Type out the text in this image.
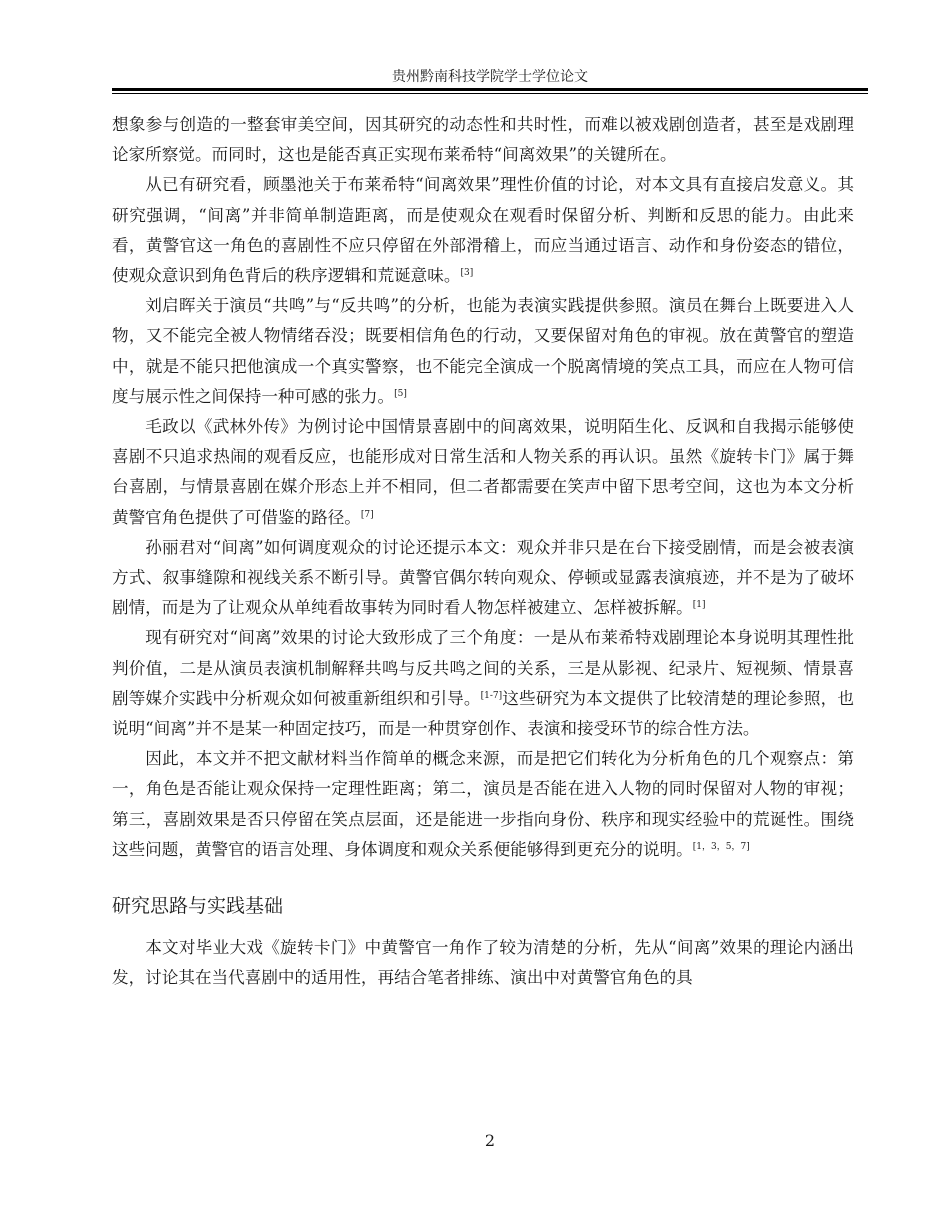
贵州黔南科技学院学士学位论文

想象参与创造的一整套审美空间，因其研究的动态性和共时性，而难以被戏剧创造者，甚至是戏剧理论家所察觉。而同时，这也是能否真正实现布莱希特“间离效果”的关键所在。

从已有研究看，顾墨池关于布莱希特“间离效果”理性价值的讨论，对本文具有直接启发意义。其研究强调，“间离”并非简单制造距离，而是使观众在观看时保留分析、判断和反思的能力。由此来看，黄警官这一角色的喜剧性不应只停留在外部滑稽上，而应当通过语言、动作和身份姿态的错位，使观众意识到角色背后的秩序逻辑和荒诞意味。[3]

刘启晖关于演员“共鸣”与“反共鸣”的分析，也能为表演实践提供参照。演员在舞台上既要进入人物，又不能完全被人物情绪吞没；既要相信角色的行动，又要保留对角色的审视。放在黄警官的塑造中，就是不能只把他演成一个真实警察，也不能完全演成一个脱离情境的笑点工具，而应在人物可信度与展示性之间保持一种可感的张力。[5]

毛政以《武林外传》为例讨论中国情景喜剧中的间离效果，说明陌生化、反讽和自我揭示能够使喜剧不只追求热闹的观看反应，也能形成对日常生活和人物关系的再认识。虽然《旋转卡门》属于舞台喜剧，与情景喜剧在媒介形态上并不相同，但二者都需要在笑声中留下思考空间，这也为本文分析黄警官角色提供了可借鉴的路径。[7]

孙丽君对“间离”如何调度观众的讨论还提示本文：观众并非只是在台下接受剧情，而是会被表演方式、叙事缝隙和视线关系不断引导。黄警官偶尔转向观众、停顿或显露表演痕迹，并不是为了破坏剧情，而是为了让观众从单纯看故事转为同时看人物怎样被建立、怎样被拆解。[1]

现有研究对“间离”效果的讨论大致形成了三个角度：一是从布莱希特戏剧理论本身说明其理性批判价值，二是从演员表演机制解释共鸣与反共鸣之间的关系，三是从影视、纪录片、短视频、情景喜剧等媒介实践中分析观众如何被重新组织和引导。[1-7]这些研究为本文提供了比较清楚的理论参照，也说明“间离”并不是某一种固定技巧，而是一种贯穿创作、表演和接受环节的综合性方法。

因此，本文并不把文献材料当作简单的概念来源，而是把它们转化为分析角色的几个观察点：第一，角色是否能让观众保持一定理性距离；第二，演员是否能在进入人物的同时保留对人物的审视；第三，喜剧效果是否只停留在笑点层面，还是能进一步指向身份、秩序和现实经验中的荒诞性。围绕这些问题，黄警官的语言处理、身体调度和观众关系便能够得到更充分的说明。[1，3，5，7]

研究思路与实践基础

本文对毕业大戏《旋转卡门》中黄警官一角作了较为清楚的分析，先从“间离”效果的理论内涵出发，讨论其在当代喜剧中的适用性，再结合笔者排练、演出中对黄警官角色的具

2
